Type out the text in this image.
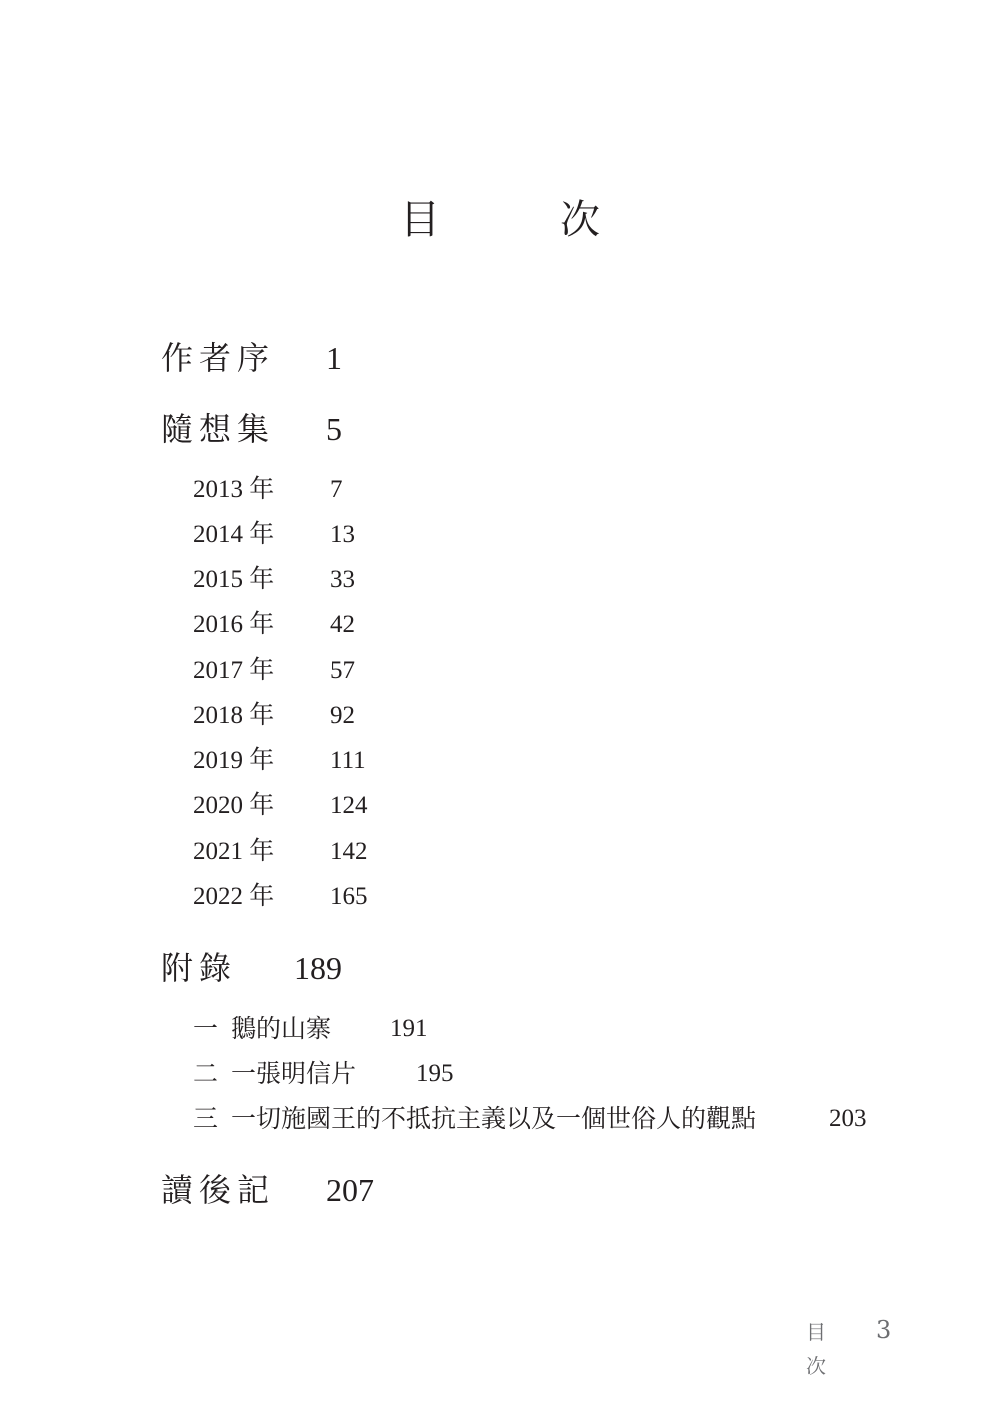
目　次
作者序 1
隨想集 5
2013 年 7
2014 年 13
2015 年 33
2016 年 42
2017 年 57
2018 年 92
2019 年 111
2020 年 124
2021 年 142
2022 年 165
附錄 189
一 鵝的山寨 191
二 一張明信片 195
三 一切施國王的不抵抗主義以及一個世俗人的觀點	203
讀後記 207
目 次
3
